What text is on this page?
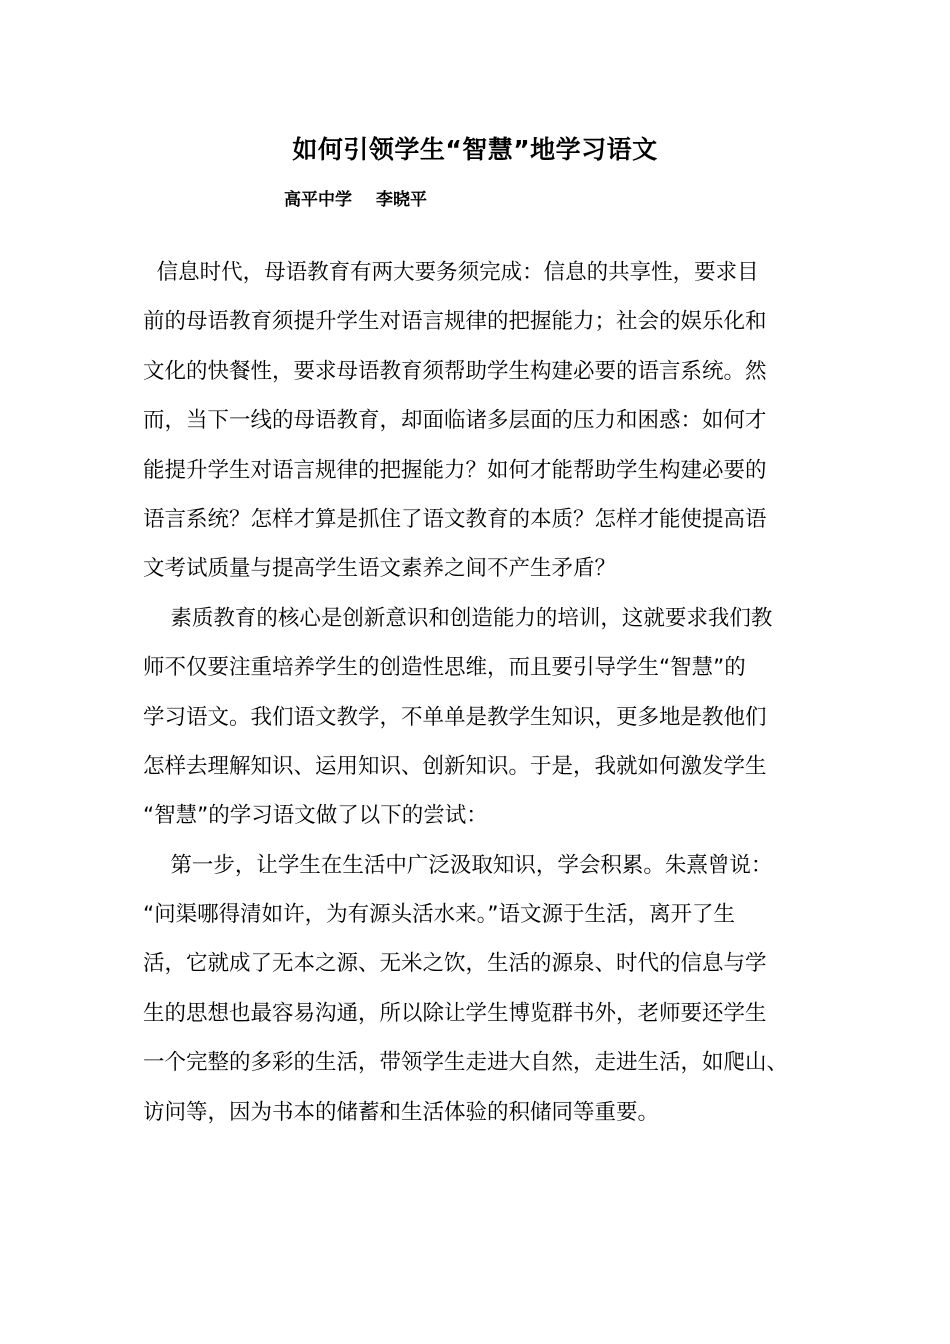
如何引领学生“智慧”地学习语文
高平中学 李晓平
信息时代，母语教育有两大要务须完成：信息的共享性，要求目
前的母语教育须提升学生对语言规律的把握能力；社会的娱乐化和
文化的快餐性，要求母语教育须帮助学生构建必要的语言系统。然
而，当下一线的母语教育，却面临诸多层面的压力和困惑：如何才
能提升学生对语言规律的把握能力？如何才能帮助学生构建必要的
语言系统？怎样才算是抓住了语文教育的本质？怎样才能使提高语
文考试质量与提高学生语文素养之间不产生矛盾？
素质教育的核心是创新意识和创造能力的培训，这就要求我们教
师不仅要注重培养学生的创造性思维，而且要引导学生“智慧”的
学习语文。我们语文教学，不单单是教学生知识，更多地是教他们
怎样去理解知识、运用知识、创新知识。于是，我就如何激发学生
“智慧”的学习语文做了以下的尝试：
第一步，让学生在生活中广泛汲取知识，学会积累。朱熹曾说：
“问渠哪得清如许，为有源头活水来。”语文源于生活，离开了生
活，它就成了无本之源、无米之饮，生活的源泉、时代的信息与学
生的思想也最容易沟通，所以除让学生博览群书外，老师要还学生
一个完整的多彩的生活，带领学生走进大自然，走进生活，如爬山、
访问等，因为书本的储蓄和生活体验的积储同等重要。
